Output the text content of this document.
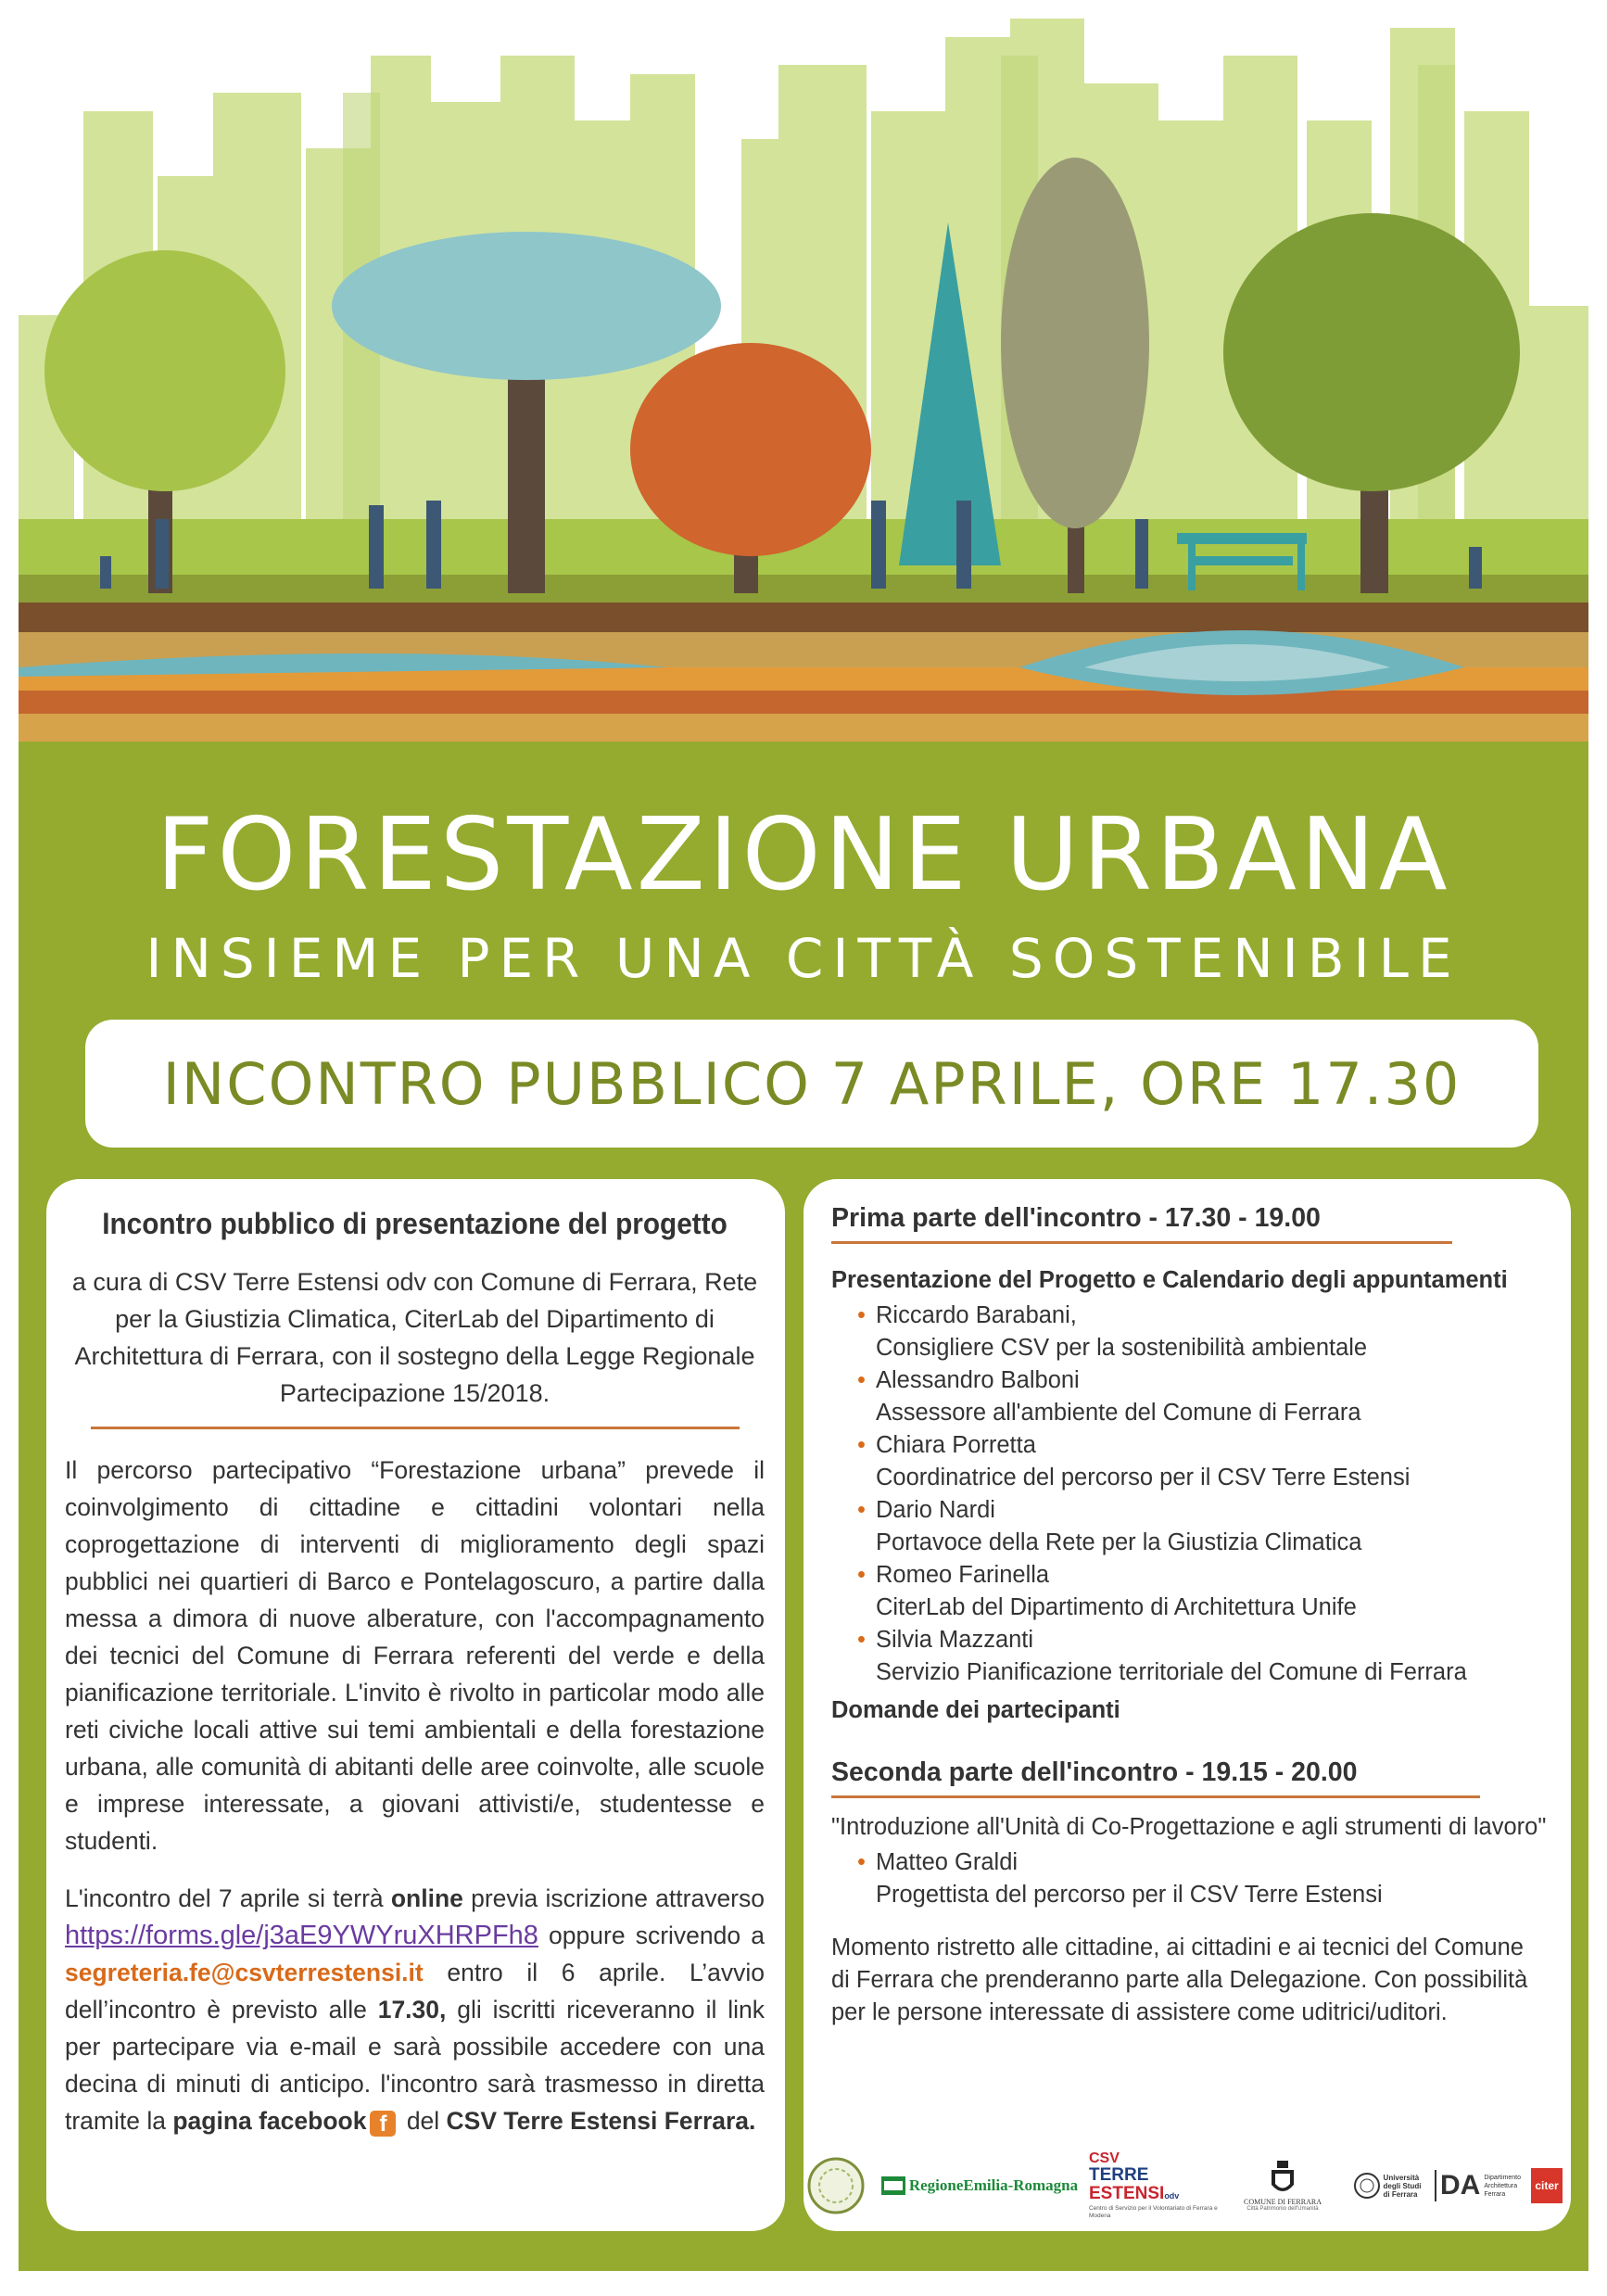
FORESTAZIONE URBANA
INSIEME PER UNA CITTÀ SOSTENIBILE
INCONTRO PUBBLICO 7 APRILE, ORE 17.30
Incontro pubblico di presentazione del progetto

a cura di CSV Terre Estensi odv con Comune di Ferrara, Rete per la Giustizia Climatica, CiterLab del Dipartimento di Architettura di Ferrara, con il sostegno della Legge Regionale Partecipazione 15/2018.

Il percorso partecipativo “Forestazione urbana” prevede il coinvolgimento di cittadine e cittadini volontari nella coprogettazione di interventi di miglioramento degli spazi pubblici nei quartieri di Barco e Pontelagoscuro, a partire dalla messa a dimora di nuove alberature, con l'accompagnamento dei tecnici del Comune di Ferrara referenti del verde e della pianificazione territoriale. L'invito è rivolto in particolar modo alle reti civiche locali attive sui temi ambientali e della forestazione urbana, alle comunità di abitanti delle aree coinvolte, alle scuole e imprese interessate, a giovani attivisti/e, studentesse e studenti.

L'incontro del 7 aprile si terrà online previa iscrizione attraverso https://forms.gle/j3aE9YWYruXHRPFh8 oppure scrivendo a segreteria.fe@csvterrestensi.it entro il 6 aprile. L’avvio dell’incontro è previsto alle 17.30, gli iscritti riceveranno il link per partecipare via e-mail e sarà possibile accedere con una decina di minuti di anticipo. l'incontro sarà trasmesso in diretta tramite la pagina facebook f del CSV Terre Estensi Ferrara.

Prima parte dell'incontro - 17.30 - 19.00

Presentazione del Progetto e Calendario degli appuntamenti

• Riccardo Barabani,
Consigliere CSV per la sostenibilità ambientale
• Alessandro Balboni
Assessore all'ambiente del Comune di Ferrara
• Chiara Porretta
Coordinatrice del percorso per il CSV Terre Estensi
• Dario Nardi
Portavoce della Rete per la Giustizia Climatica
• Romeo Farinella
CiterLab del Dipartimento di Architettura Unife
• Silvia Mazzanti
Servizio Pianificazione territoriale del Comune di Ferrara

Domande dei partecipanti

Seconda parte dell'incontro - 19.15 - 20.00

"Introduzione all'Unità di Co-Progettazione e agli strumenti di lavoro"

• Matteo Graldi
Progettista del percorso per il CSV Terre Estensi

Momento ristretto alle cittadine, ai cittadini e ai tecnici del Comune di Ferrara che prenderanno parte alla Delegazione. Con possibilità per le persone interessate di assistere come uditrici/uditori.

RegioneEmilia-Romagna
CSV
TERRE ESTENSIodv
Centro di Servizio per il Volontariato di Ferrara e Modena
COMUNE DI FERRARA
Città Patrimonio dell'Umanità
Università
degli Studi
di Ferrara DA Dipartimento
Architettura
Ferrara
citer
